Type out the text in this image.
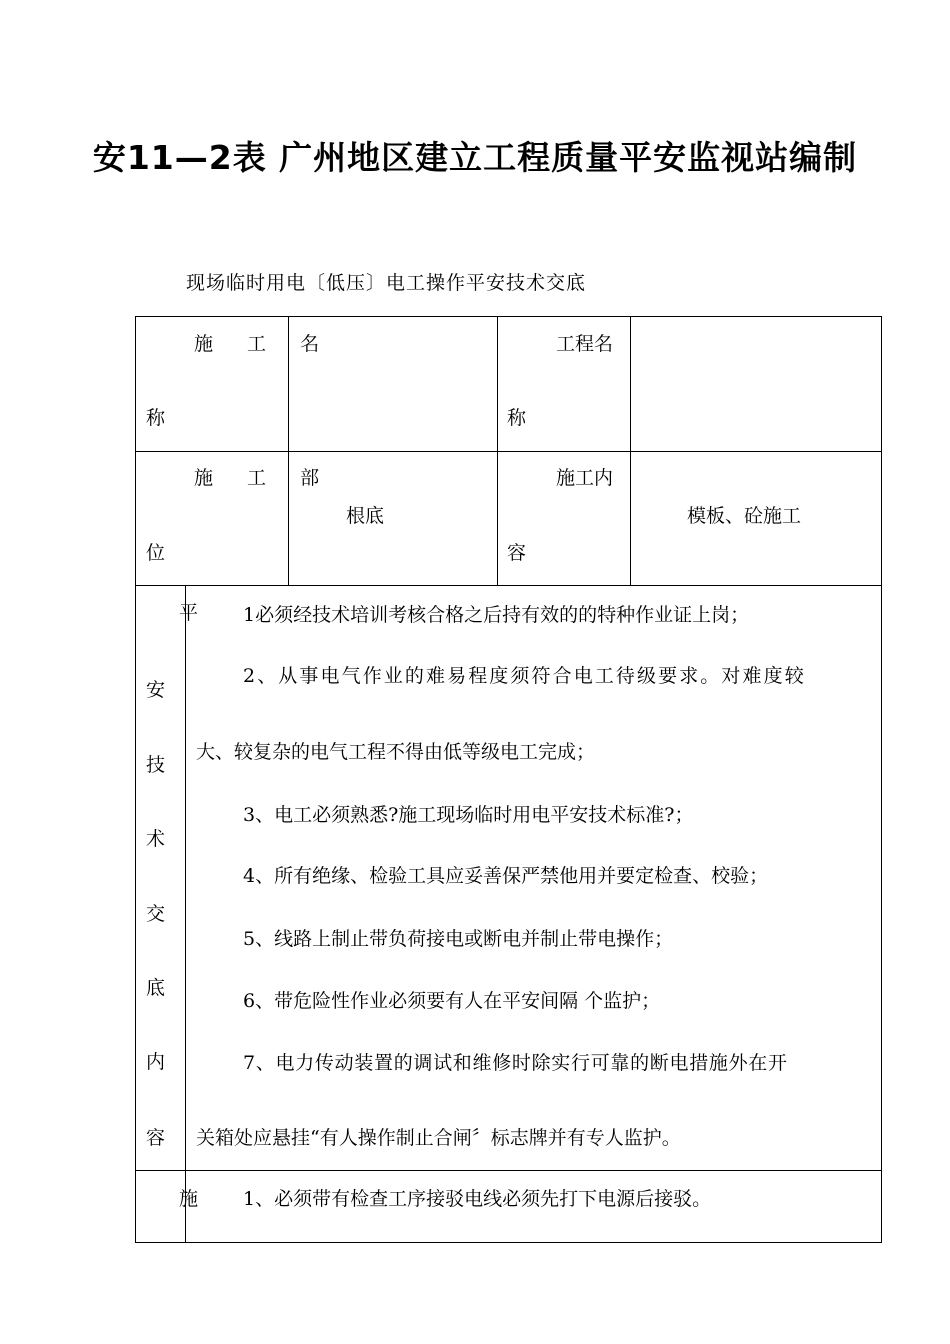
安11—2表 广州地区建立工程质量平安监视站编制
现场临时用电〔低压〕电工操作平安技术交底
施 工 名
称
工程名
称
施 工 部
位
根底
施工内
容
模板、砼施工
平
安
技
术
交
底
内
容
1必须经技术培训考核合格之后持有效的的特种作业证上岗；
2、从事电气作业的难易程度须符合电工待级要求。对难度较
大、较复杂的电气工程不得由低等级电工完成；
3、电工必须熟悉?施工现场临时用电平安技术标准?；
4、所有绝缘、检验工具应妥善保严禁他用并要定检查、校验；
5、线路上制止带负荷接电或断电并制止带电操作；
6、带危险性作业必须要有人在平安间隔 个监护；
7、电力传动装置的调试和维修时除实行可靠的断电措施外在开
关箱处应悬挂“有人操作制止合闸〞标志牌并有专人监护。
施 1、必须带有检查工序接驳电线必须先打下电源后接驳。
